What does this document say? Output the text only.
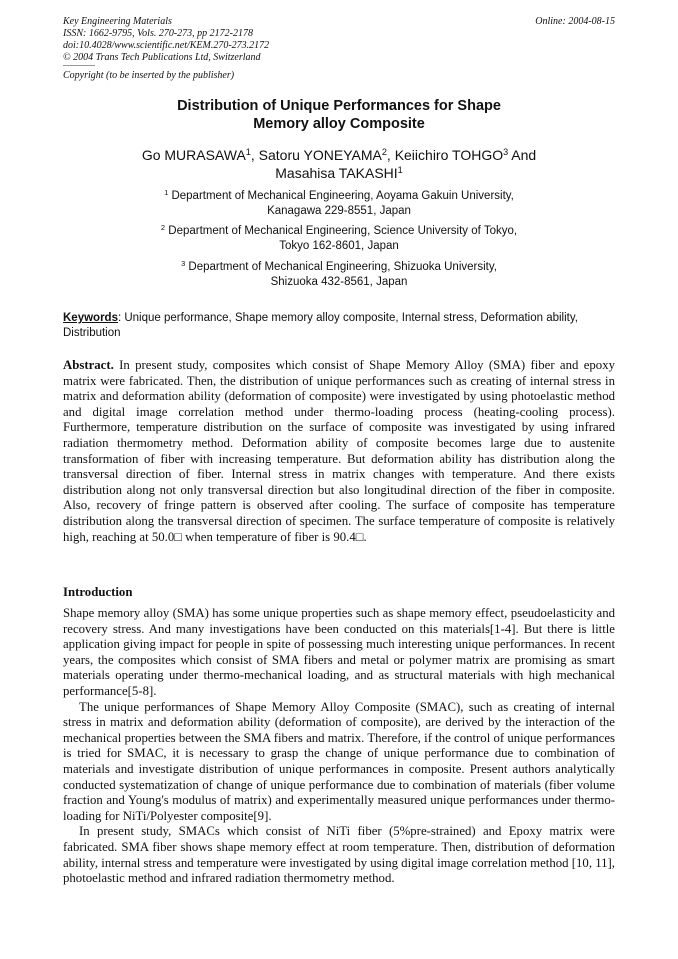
Key Engineering Materials
ISSN: 1662-9795, Vols. 270-273, pp 2172-2178
doi:10.4028/www.scientific.net/KEM.270-273.2172
© 2004 Trans Tech Publications Ltd, Switzerland
Online: 2004-08-15
Copyright (to be inserted by the publisher)
Distribution of Unique Performances for Shape
Memory alloy Composite
Go MURASAWA$^1$, Satoru YONEYAMA$^2$, Keiichiro TOHGO$^3$ And
Masahisa TAKASHI$^1$
$^1$ Department of Mechanical Engineering, Aoyama Gakuin University,
Kanagawa 229-8551, Japan
$^2$ Department of Mechanical Engineering, Science University of Tokyo,
Tokyo 162-8601, Japan
$^3$ Department of Mechanical Engineering, Shizuoka University,
Shizuoka 432-8561, Japan
Keywords: Unique performance, Shape memory alloy composite, Internal stress, Deformation ability, Distribution
Abstract. In present study, composites which consist of Shape Memory Alloy (SMA) fiber and epoxy matrix were fabricated. Then, the distribution of unique performances such as creating of internal stress in matrix and deformation ability (deformation of composite) were investigated by using photoelastic method and digital image correlation method under thermo-loading process (heating-cooling process). Furthermore, temperature distribution on the surface of composite was investigated by using infrared radiation thermometry method. Deformation ability of composite becomes large due to austenite transformation of fiber with increasing temperature. But deformation ability has distribution along the transversal direction of fiber. Internal stress in matrix changes with temperature. And there exists distribution along not only transversal direction but also longitudinal direction of the fiber in composite. Also, recovery of fringe pattern is observed after cooling. The surface of composite has temperature distribution along the transversal direction of specimen. The surface temperature of composite is relatively high, reaching at 50.0□ when temperature of fiber is 90.4□.
Introduction

Shape memory alloy (SMA) has some unique properties such as shape memory effect, pseudoelasticity and recovery stress. And many investigations have been conducted on this materials[1-4]. But there is little application giving impact for people in spite of possessing much interesting unique performances. In recent years, the composites which consist of SMA fibers and metal or polymer matrix are promising as smart materials operating under thermo-mechanical loading, and as structural materials with high mechanical performance[5-8].

The unique performances of Shape Memory Alloy Composite (SMAC), such as creating of internal stress in matrix and deformation ability (deformation of composite), are derived by the interaction of the mechanical properties between the SMA fibers and matrix. Therefore, if the control of unique performances is tried for SMAC, it is necessary to grasp the change of unique performance due to combination of materials and investigate distribution of unique performances in composite. Present authors analytically conducted systematization of change of unique performance due to combination of materials (fiber volume fraction and Young's modulus of matrix) and experimentally measured unique performances under thermo-loading for NiTi/Polyester composite[9].

In present study, SMACs which consist of NiTi fiber (5%pre-strained) and Epoxy matrix were fabricated. SMA fiber shows shape memory effect at room temperature. Then, distribution of deformation ability, internal stress and temperature were investigated by using digital image correlation method [10, 11], photoelastic method and infrared radiation thermometry method.
